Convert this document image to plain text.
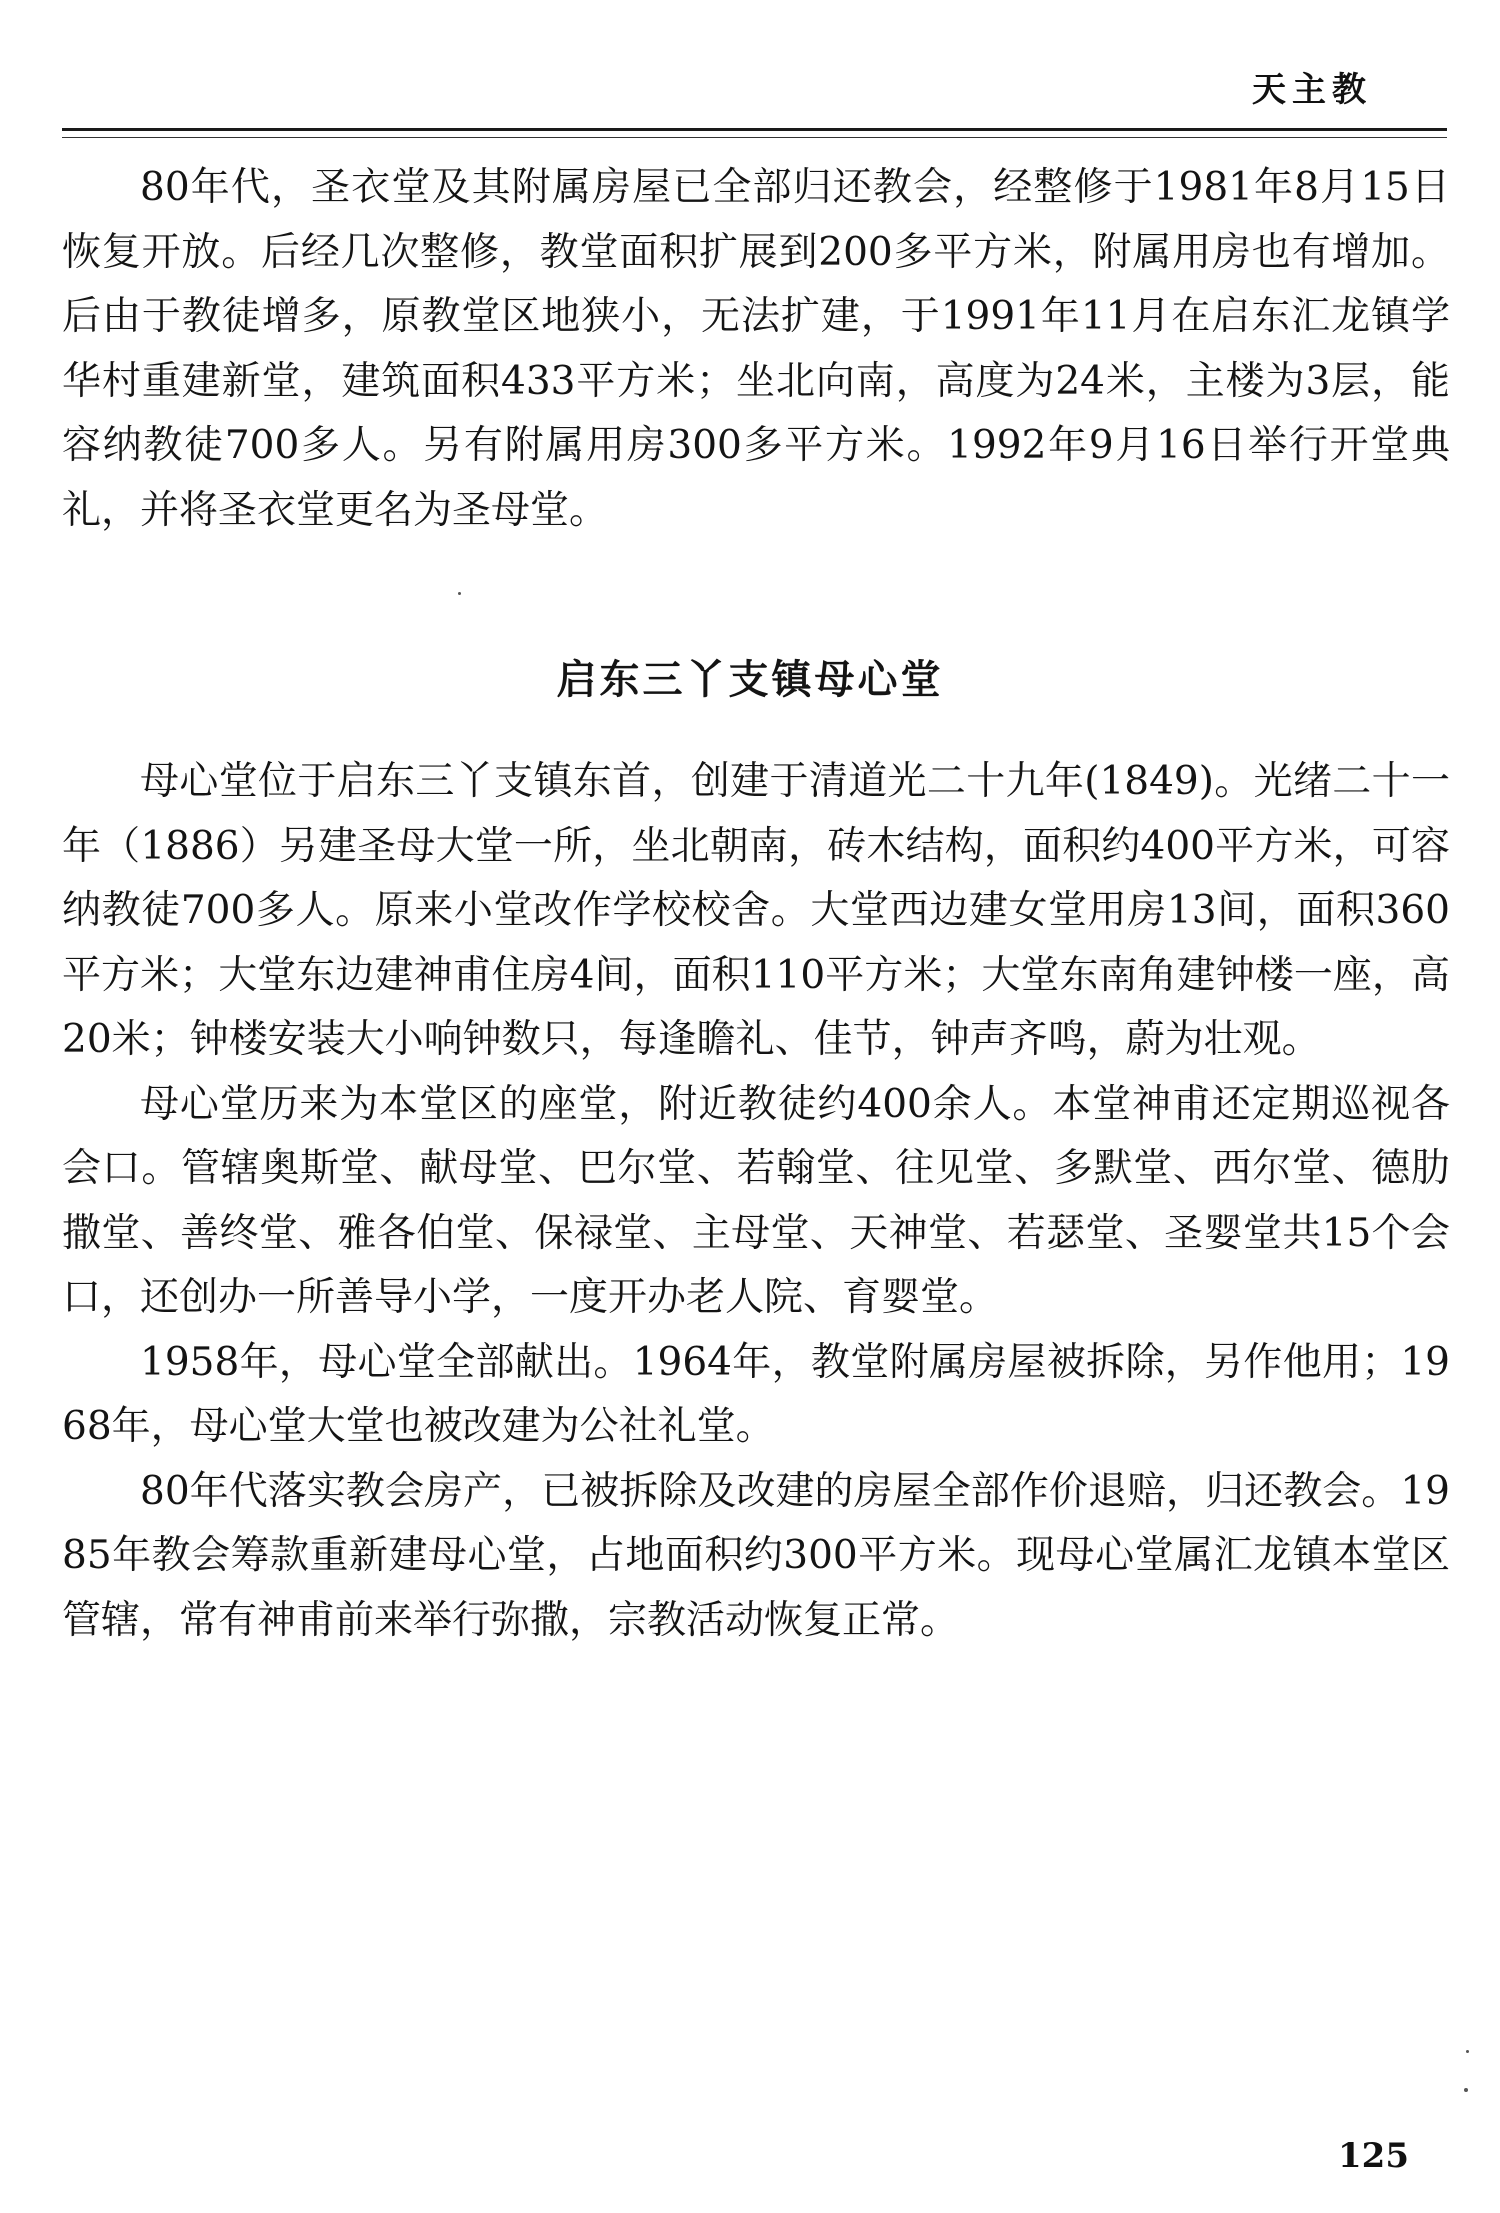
天主教

80年代，圣衣堂及其附属房屋已全部归还教会，经整修于1981年8月15日恢复开放。后经几次整修，教堂面积扩展到200多平方米，附属用房也有增加。后由于教徒增多，原教堂区地狭小，无法扩建，于1991年11月在启东汇龙镇学华村重建新堂，建筑面积433平方米；坐北向南，高度为24米，主楼为3层，能容纳教徒700多人。另有附属用房300多平方米。1992年9月16日举行开堂典礼，并将圣衣堂更名为圣母堂。

启东三丫支镇母心堂

母心堂位于启东三丫支镇东首，创建于清道光二十九年(1849)。光绪二十一年（1886）另建圣母大堂一所，坐北朝南，砖木结构，面积约400平方米，可容纳教徒700多人。原来小堂改作学校校舍。大堂西边建女堂用房13间，面积360平方米；大堂东边建神甫住房4间，面积110平方米；大堂东南角建钟楼一座，高20米；钟楼安装大小响钟数只，每逢瞻礼、佳节，钟声齐鸣，蔚为壮观。

母心堂历来为本堂区的座堂，附近教徒约400余人。本堂神甫还定期巡视各会口。管辖奥斯堂、献母堂、巴尔堂、若翰堂、往见堂、多默堂、西尔堂、德肋撒堂、善终堂、雅各伯堂、保禄堂、主母堂、天神堂、若瑟堂、圣婴堂共15个会口，还创办一所善导小学，一度开办老人院、育婴堂。

1958年，母心堂全部献出。1964年，教堂附属房屋被拆除，另作他用；1968年，母心堂大堂也被改建为公社礼堂。

80年代落实教会房产，已被拆除及改建的房屋全部作价退赔，归还教会。1985年教会筹款重新建母心堂，占地面积约300平方米。现母心堂属汇龙镇本堂区管辖，常有神甫前来举行弥撒，宗教活动恢复正常。

125
